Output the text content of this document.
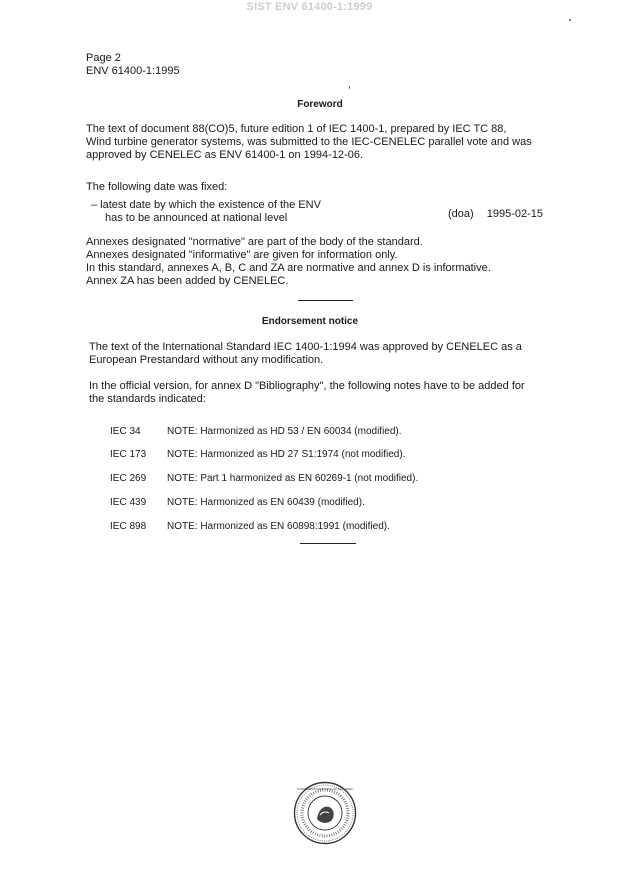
SIST ENV 61400-1:1999
Page 2
ENV 61400-1:1995
Foreword
The text of document 88(CO)5, future edition 1 of IEC 1400-1, prepared by IEC TC 88,
Wind turbine generator systems, was submitted to the IEC-CENELEC parallel vote and was
approved by CENELEC as ENV 61400-1 on 1994-12-06.
The following date was fixed:
– latest date by which the existence of the ENV
has to be announced at national level	(doa) 1995-02-15
Annexes designated "normative" are part of the body of the standard.
Annexes designated "informative" are given for information only.
In this standard, annexes A, B, C and ZA are normative and annex D is informative.
Annex ZA has been added by CENELEC.
Endorsement notice
The text of the International Standard IEC 1400-1:1994 was approved by CENELEC as a
European Prestandard without any modification.
In the official version, for annex D "Bibliography", the following notes have to be added for
the standards indicated:
IEC 34	NOTE: Harmonized as HD 53 / EN 60034 (modified).
IEC 173 NOTE: Harmonized as HD 27 S1:1974 (not modified).
IEC 269 NOTE: Part 1 harmonized as EN 60269-1 (not modified).
IEC 439 NOTE: Harmonized as EN 60439 (modified).
IEC 898 NOTE: Harmonized as EN 60898:1991 (modified).
STANDARDS INSTITUTE OF SLOVENIA
